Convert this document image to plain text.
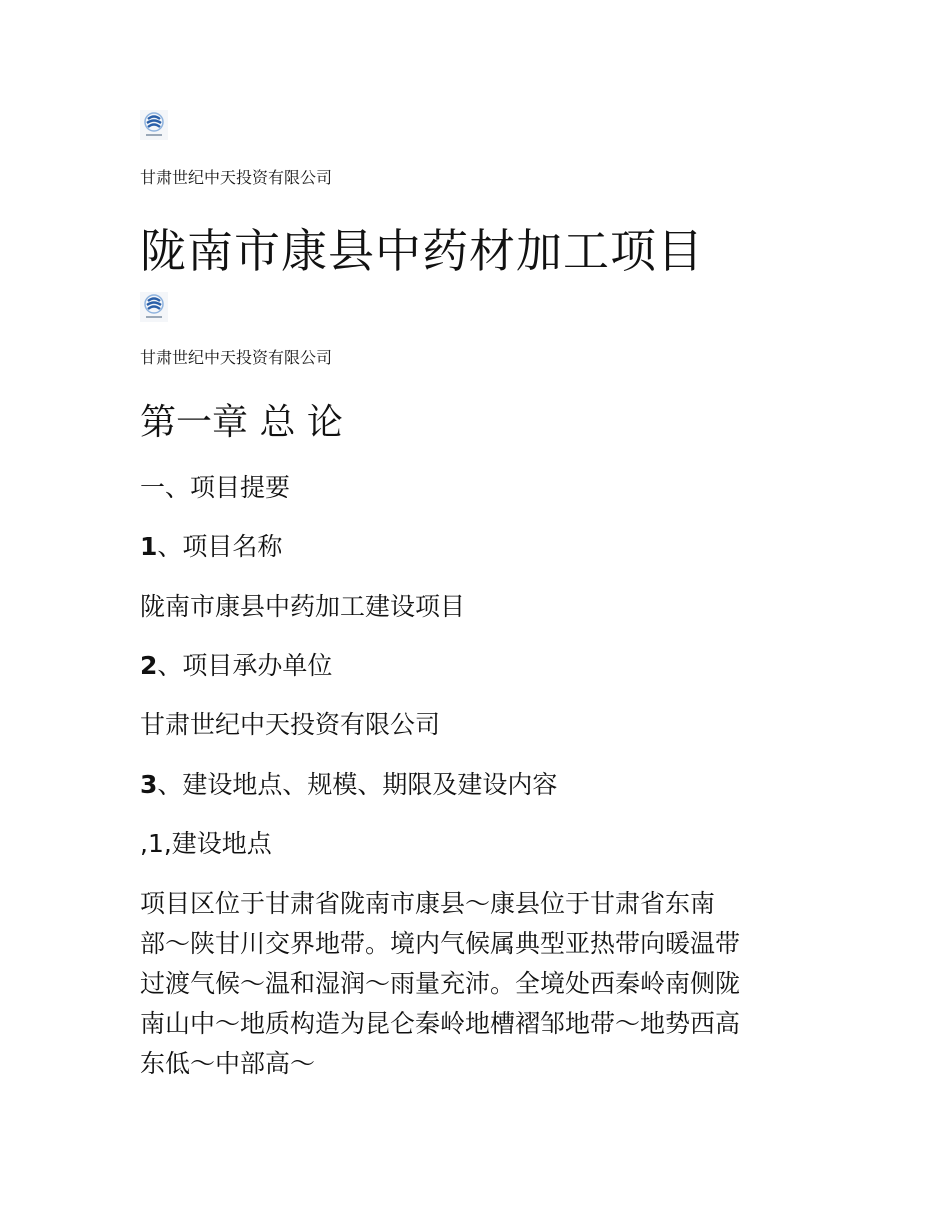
甘肃世纪中天投资有限公司
陇南市康县中药材加工项目
甘肃世纪中天投资有限公司
第一章 总 论
一、项目提要
1、项目名称
陇南市康县中药加工建设项目
2、项目承办单位
甘肃世纪中天投资有限公司
3、建设地点、规模、期限及建设内容
,1,建设地点
项目区位于甘肃省陇南市康县～康县位于甘肃省东南
部～陕甘川交界地带。境内气候属典型亚热带向暖温带
过渡气候～温和湿润～雨量充沛。全境处西秦岭南侧陇
南山中～地质构造为昆仑秦岭地槽褶邹地带～地势西高
东低～中部高～
